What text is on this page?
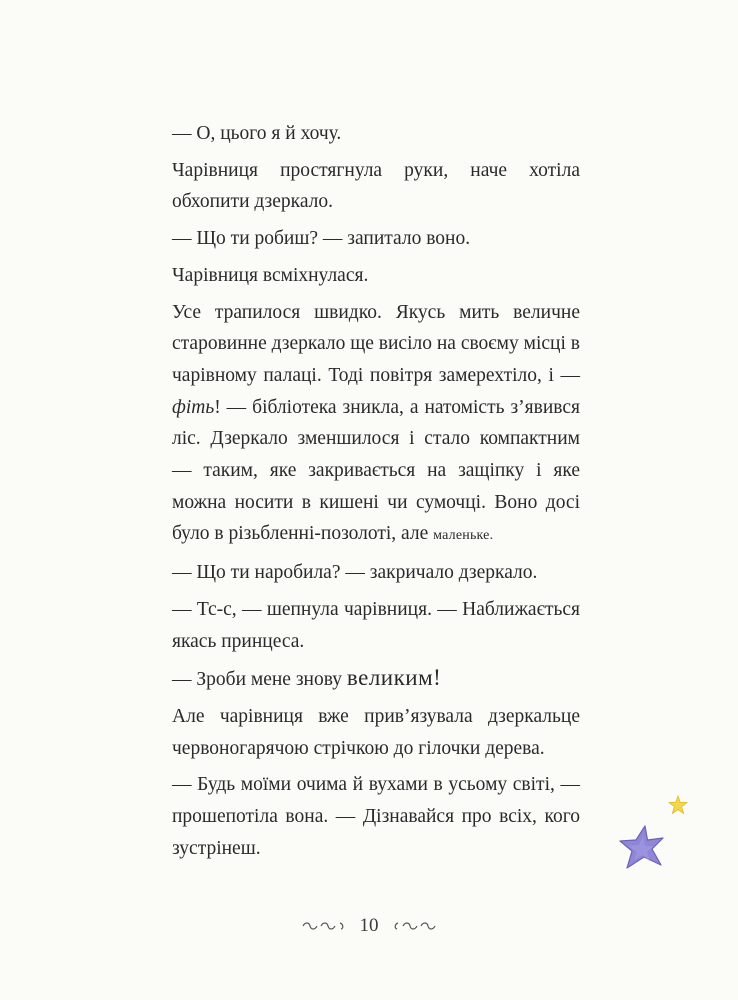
— О, цього я й хочу.

Чарівниця простягнула руки, наче хотіла обхопити дзеркало.

— Що ти робиш? — запитало воно.

Чарівниця всміхнулася.

Усе трапилося швидко. Якусь мить величне старовинне дзеркало ще висіло на своєму місці в чарівному палаці. Тоді повітря замерехтіло, і — фіть! — бібліотека зникла, а натомість з’явився ліс. Дзеркало зменшилося і стало компактним — таким, яке закривається на защіпку і яке можна носити в кишені чи сумочці. Воно досі було в різьбленні-позолоті, але маленьке.

— Що ти наробила? — закричало дзеркало.

— Тс-с, — шепнула чарівниця. — Наближається якась принцеса.

— Зроби мене знову великим!

Але чарівниця вже прив’язувала дзеркальце червоногарячою стрічкою до гілочки дерева.

— Будь моїми очима й вухами в усьому світі, — прошепотіла вона. — Дізнавайся про всіх, кого зустрінеш.

10
